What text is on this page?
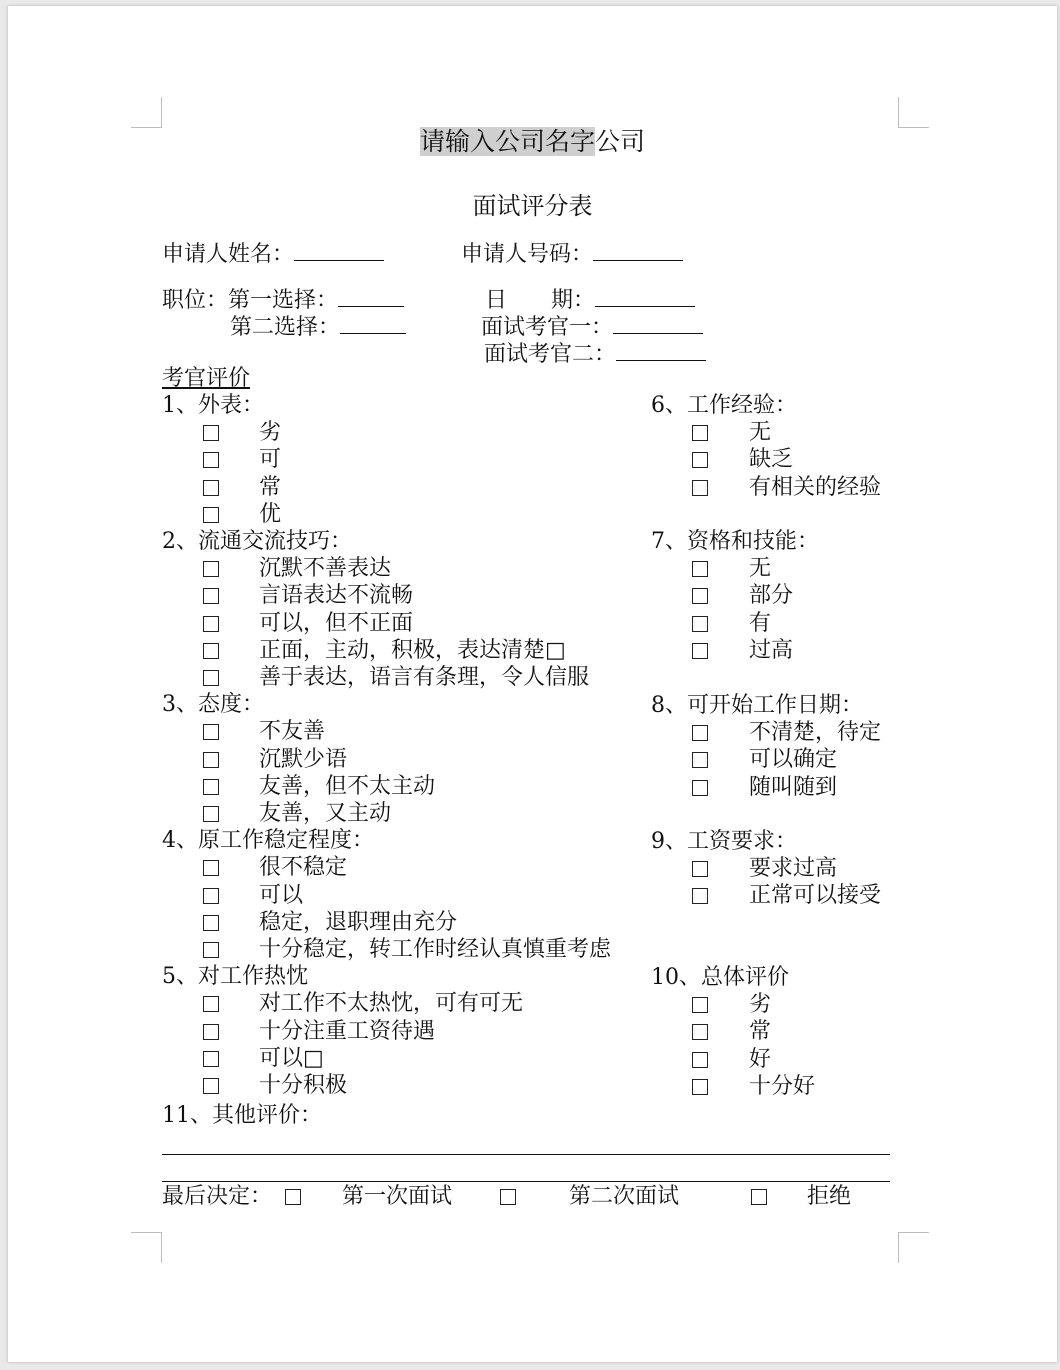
请输入公司名字公司
面试评分表
申请人姓名：	申请人号码：
职位：第一选择：
第二选择：
日　　期：
面试考官一：
面试考官二：
考官评价
1、外表：
劣
可
常
优
2、流通交流技巧：
沉默不善表达
言语表达不流畅
可以，但不正面
正面，主动，积极，表达清楚□
善于表达，语言有条理，令人信服
3、态度：
不友善
沉默少语
友善，但不太主动
友善，又主动
4、原工作稳定程度：
很不稳定
可以
稳定，退职理由充分
十分稳定，转工作时经认真慎重考虑
5、对工作热忱
对工作不太热忱，可有可无
十分注重工资待遇
可以□
十分积极
6、工作经验：
无
缺乏
有相关的经验
7、资格和技能：
无
部分
有
过高
8、可开始工作日期：
不清楚，待定
可以确定
随叫随到
9、工资要求：
要求过高
正常可以接受
10、总体评价
劣
常
好
十分好
11、其他评价：
最后决定：	第一次面试	第二次面试	拒绝
